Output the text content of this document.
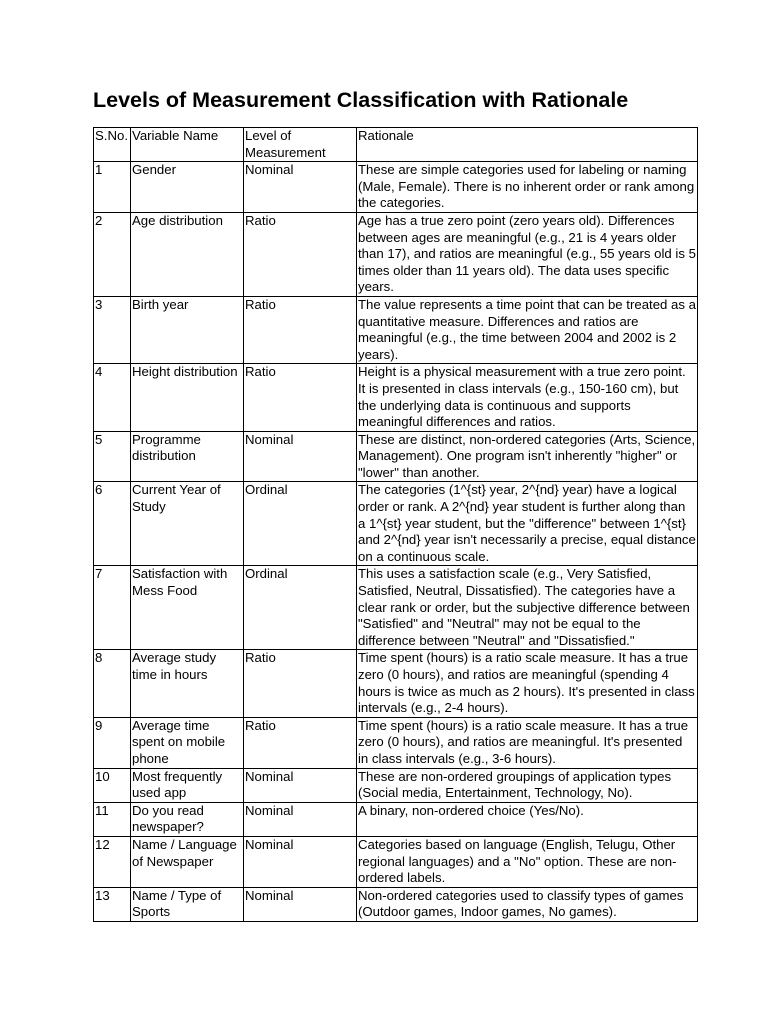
Levels of Measurement Classification with Rationale
S.No.	Variable Name	Level of Measurement	Rationale
1	Gender	Nominal	These are simple categories used for labeling or naming (Male, Female). There is no inherent order or rank among the categories.
2	Age distribution	Ratio	Age has a true zero point (zero years old). Differences between ages are meaningful (e.g., 21 is 4 years older than 17), and ratios are meaningful (e.g., 55 years old is 5 times older than 11 years old). The data uses specific years.
3	Birth year	Ratio	The value represents a time point that can be treated as a quantitative measure. Differences and ratios are meaningful (e.g., the time between 2004 and 2002 is 2 years).
4	Height distribution	Ratio	Height is a physical measurement with a true zero point. It is presented in class intervals (e.g., 150-160 cm), but the underlying data is continuous and supports meaningful differences and ratios.
5	Programme distribution	Nominal	These are distinct, non-ordered categories (Arts, Science, Management). One program isn't inherently "higher" or "lower" than another.
6	Current Year of Study	Ordinal	The categories (1^{st} year, 2^{nd} year) have a logical order or rank. A 2^{nd} year student is further along than a 1^{st} year student, but the "difference" between 1^{st} and 2^{nd} year isn't necessarily a precise, equal distance on a continuous scale.
7	Satisfaction with Mess Food	Ordinal	This uses a satisfaction scale (e.g., Very Satisfied, Satisfied, Neutral, Dissatisfied). The categories have a clear rank or order, but the subjective difference between "Satisfied" and "Neutral" may not be equal to the difference between "Neutral" and "Dissatisfied."
8	Average study time in hours	Ratio	Time spent (hours) is a ratio scale measure. It has a true zero (0 hours), and ratios are meaningful (spending 4 hours is twice as much as 2 hours). It's presented in class intervals (e.g., 2-4 hours).
9	Average time spent on mobile phone	Ratio	Time spent (hours) is a ratio scale measure. It has a true zero (0 hours), and ratios are meaningful. It's presented in class intervals (e.g., 3-6 hours).
10	Most frequently used app	Nominal	These are non-ordered groupings of application types (Social media, Entertainment, Technology, No).
11	Do you read newspaper?	Nominal	A binary, non-ordered choice (Yes/No).
12	Name / Language of Newspaper	Nominal	Categories based on language (English, Telugu, Other regional languages) and a "No" option. These are non-ordered labels.
13	Name / Type of Sports	Nominal	Non-ordered categories used to classify types of games (Outdoor games, Indoor games, No games).
